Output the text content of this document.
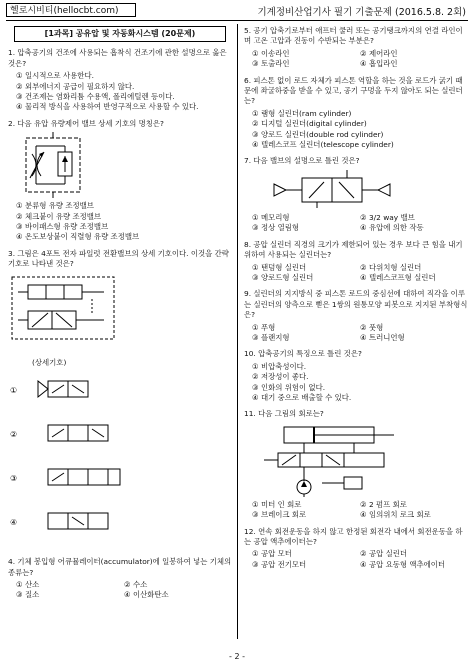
헬로시비티(hellocbt.com)	기계정비산업기사 필기 기출문제 (2016.5.8. 2회)
[1과목] 공유압 및 자동화시스템 (20문제)
1. 압축공기의 건조에 사용되는 흡착식 건조기에 관한 설명으로 옳은 것은?
① 일시적으로 사용한다.
② 외부에너지 공급이 필요하지 않다.
③ 건조제는 염화리튬 수용액, 폴리에틸렌 등이다.
④ 물리적 방식을 사용하여 반영구적으로 사용할 수 있다.
2. 다음 유압 유량제어 밸브 상세 기호의 명칭은?
① 분류형 유량 조정밸브
② 체크붙이 유량 조정밸브
③ 바이패스형 유량 조정밸브
④ 온도보상붙이 직렬형 유량 조정밸브
3. 그림은 4포트 전자 파일럿 전환밸브의 상세 기호이다. 이것을 간략 기호로 나타낸 것은?
(상세기호)
①
②
③
④
4. 기체 봉입형 어큐뮬레이터(accumulator)에 일봉하여 넣는 기체의 종류는?
① 산소	② 수소
③ 질소	④ 이산화탄소
5. 공기 압축기로부터 애프터 쿨러 또는 공기탱크까지의 연결 라인이며 고온 고압과 진동이 수반되는 부분은?
① 이송라인	② 제어라인
③ 토출라인	④ 흡입라인
6. 피스톤 없이 로드 자체가 피스톤 역할을 하는 것을 로드가 굵기 때문에 좌굴하중을 받을 수 있고, 공기 구멍을 두지 않아도 되는 실린더는?
① 램형 실린더(ram cylinder)
② 디지털 실린더(digital cylinder)
③ 양로드 실린더(double rod cylinder)
④ 텔레스코프 실린더(telescope cylinder)
7. 다음 밸브의 설명으로 틀린 것은?
① 메모리형	② 3/2 way 밸브
③ 정상 열림형	④ 유압에 의한 작동
8. 공압 실린더 직경의 크기가 제한되어 있는 경우 보다 큰 힘을 내기 위하여 사용되는 실린더는?
① 탠덤형 실린더	② 다위치형 실린더
③ 양로드형 실린더	④ 텔레스코프형 실린더
9. 실린더의 지지방식 중 피스톤 로드의 중심선에 대하여 직각을 이루는 실린더의 양측으로 뻗은 1쌍의 원통모양 피봇으로 지지된 부착형식은?
① 푸형	② 풋형
③ 플랜지형	④ 트러니언형
10. 압축공기의 특징으로 틀린 것은?
① 비압축성이다.
② 저장성이 좋다.
③ 인화의 위험이 없다.
④ 대기 중으로 배출할 수 있다.
11. 다음 그림의 회로는?
① 미터 인 회로	② 2 펌프 회로
③ 브레이크 회로	④ 임의위치 로크 회로
12. 연속 회전운동을 하지 않고 한정된 회전각 내에서 회전운동을 하는 공압 액추에이터는?
① 공압 모터	② 공압 실린더
③ 공압 전기모터	④ 공압 요동형 액추에이터
- 2 -
